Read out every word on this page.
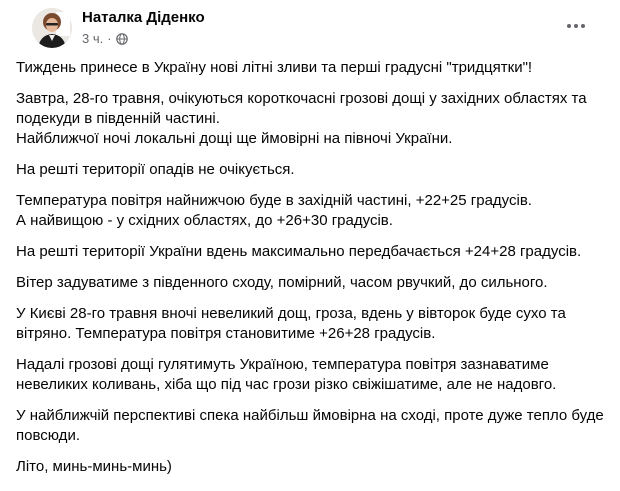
Наталка Діденко
3 ч. ·

Тиждень принесе в Україну нові літні зливи та перші градусні "тридцятки"!

Завтра, 28-го травня, очікуються короткочасні грозові дощі у західних областях та подекуди в південній частині.

Найближчої ночі локальні дощі ще ймовірні на півночі України.

На решті території опадів не очікується.

Температура повітря найнижчою буде в західній частині, +22+25 градусів.

А найвищою - у східних областях, до +26+30 градусів.

На решті території України вдень максимально передбачається +24+28 градусів.

Вітер задуватиме з південного сходу, помірний, часом рвучкий, до сильного.

У Києві 28-го травня вночі невеликий дощ, гроза, вдень у вівторок буде сухо та вітряно. Температура повітря становитиме +26+28 градусів.

Надалі грозові дощі гулятимуть Україною, температура повітря зазнаватиме невеликих коливань, хіба що під час грози різко свіжішатиме, але не надовго.

У найближчій перспективі спека найбільш ймовірна на сході, проте дуже тепло буде повсюди.

Літо, минь-минь-минь)
